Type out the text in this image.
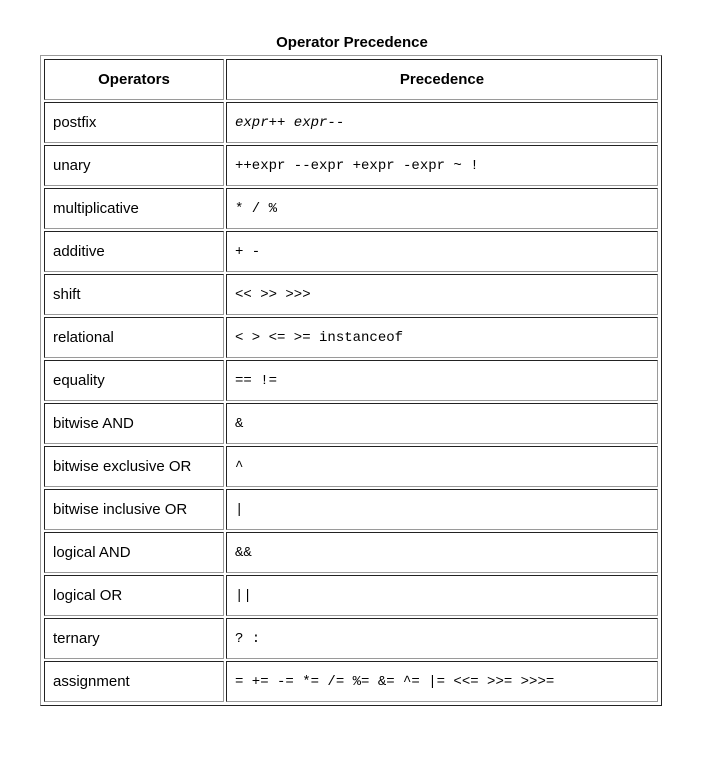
Operator Precedence
Operators	Precedence
postfix	expr++ expr--
unary	++expr --expr +expr -expr ~ !
multiplicative	* / %
additive	+ -
shift	<< >> >>>
relational	< > <= >= instanceof
equality	== !=
bitwise AND	&
bitwise exclusive OR	^
bitwise inclusive OR	|
logical AND	&&
logical OR	||
ternary	? :
assignment	= += -= *= /= %= &= ^= |= <<= >>= >>>=
